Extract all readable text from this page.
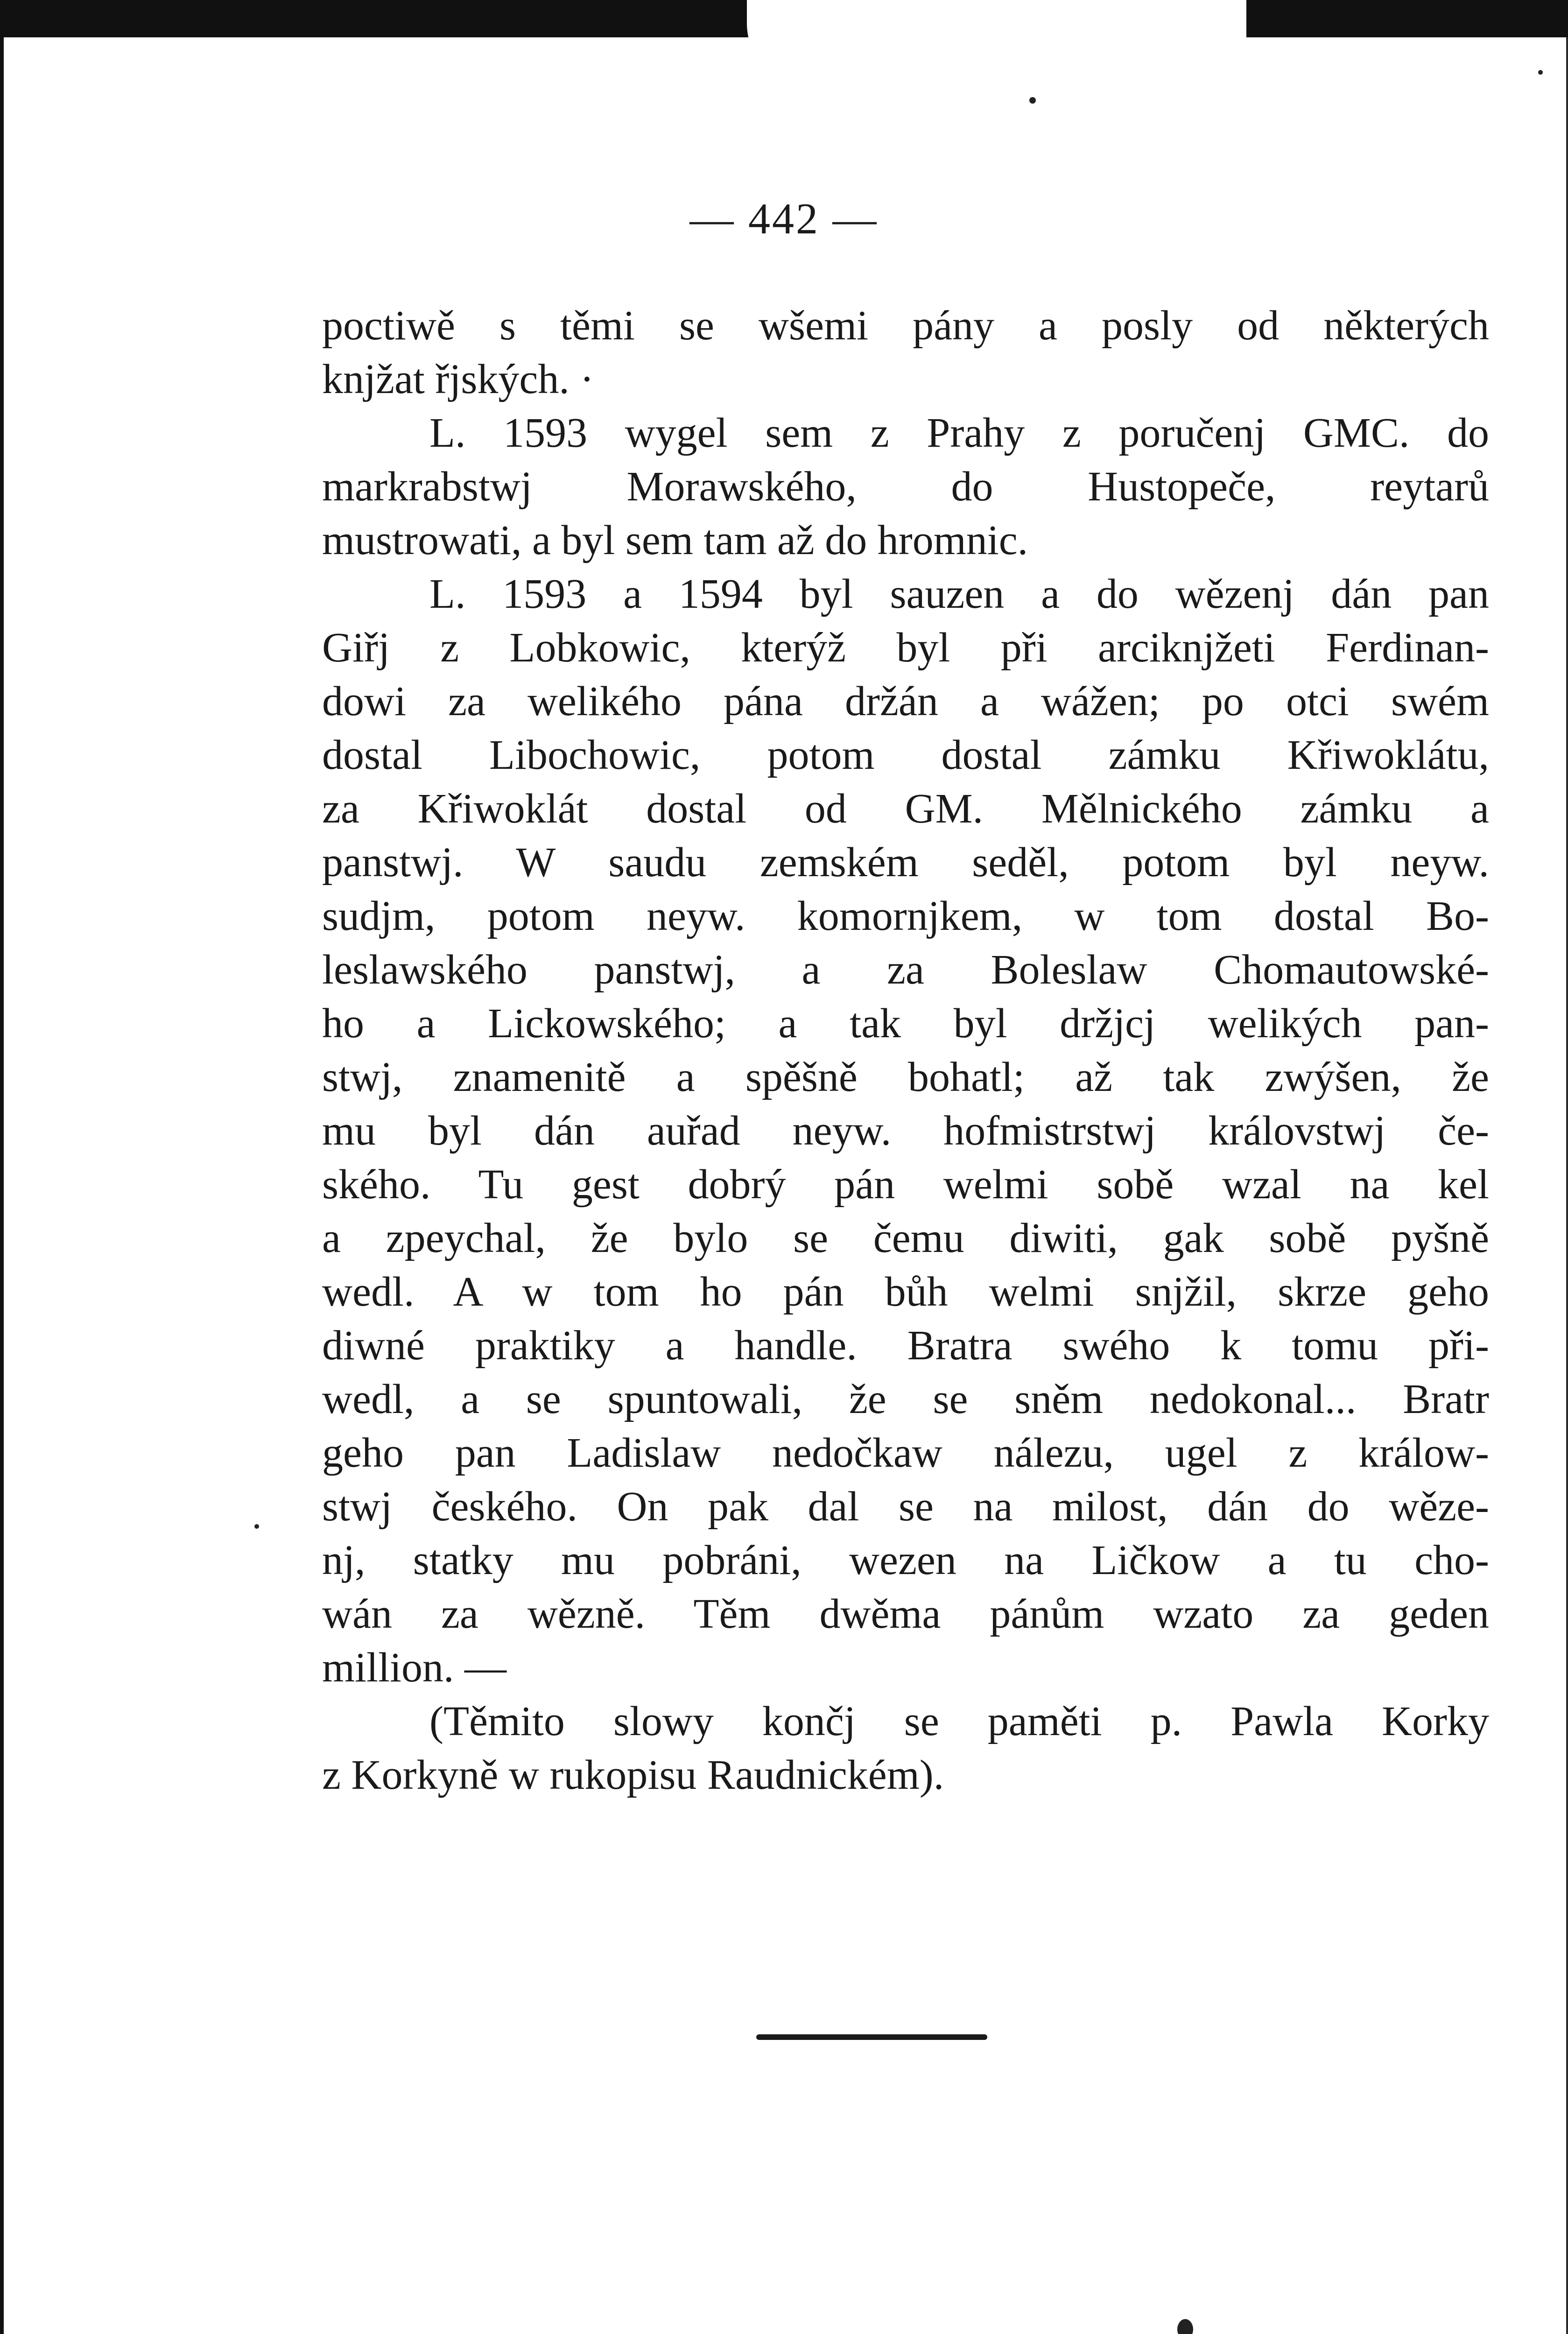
— 442 —
poctiwě s těmi se wšemi pány a posly od některých
knjžat řjských. ·
L. 1593 wygel sem z Prahy z poručenj GMC. do
markrabstwj Morawského, do Hustopeče, reytarů
mustrowati, a byl sem tam až do hromnic.
L. 1593 a 1594 byl sauzen a do wězenj dán pan
Giřj z Lobkowic, kterýž byl při arciknjžeti Ferdinan-
dowi za welikého pána držán a wážen; po otci swém
dostal Libochowic, potom dostal zámku Křiwoklátu,
za Křiwoklát dostal od GM. Mělnického zámku a
panstwj. W saudu zemském seděl, potom byl neyw.
sudjm, potom neyw. komornjkem, w tom dostal Bo-
leslawského panstwj, a za Boleslaw Chomautowské-
ho a Lickowského; a tak byl držjcj welikých pan-
stwj, znamenitě a spěšně bohatl; až tak zwýšen, že
mu byl dán auřad neyw. hofmistrstwj královstwj če-
ského. Tu gest dobrý pán welmi sobě wzal na kel
a zpeychal, že bylo se čemu diwiti, gak sobě pyšně
wedl. A w tom ho pán bůh welmi snjžil, skrze geho
diwné praktiky a handle. Bratra swého k tomu při-
wedl, a se spuntowali, že se sněm nedokonal... Bratr
geho pan Ladislaw nedočkaw nálezu, ugel z králow-
stwj českého. On pak dal se na milost, dán do wěze-
nj, statky mu pobráni, wezen na Ličkow a tu cho-
wán za wězně. Těm dwěma pánům wzato za geden
million. —
(Těmito slowy končj se paměti p. Pawla Korky
z Korkyně w rukopisu Raudnickém).
